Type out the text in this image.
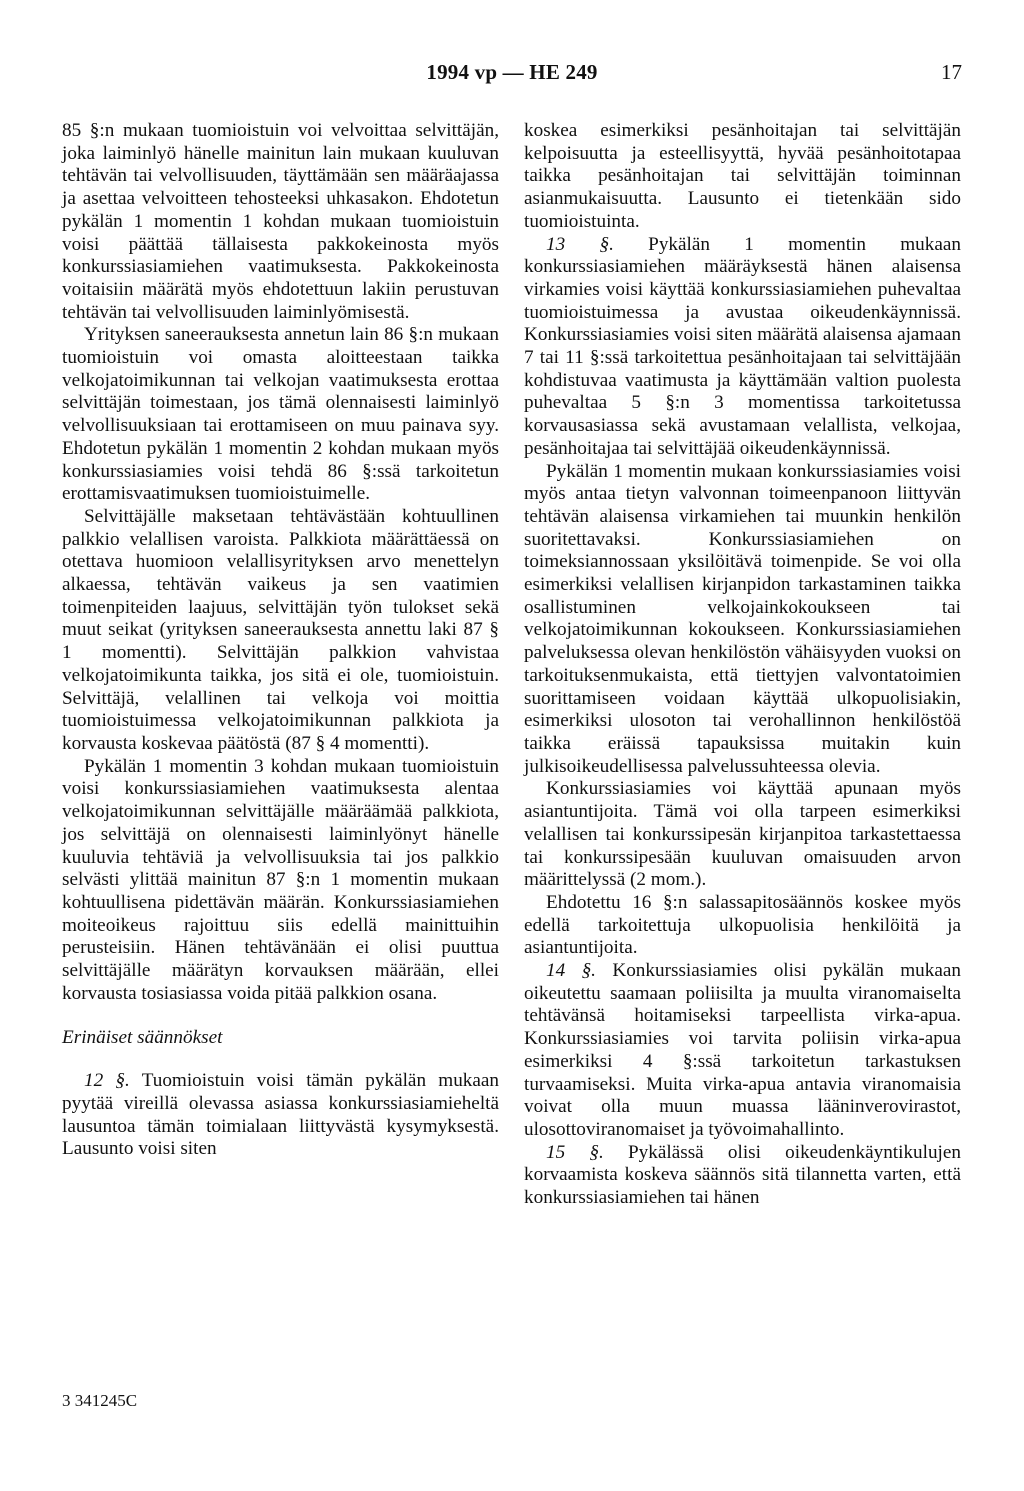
1994 vp — HE 249	17

85 §:n mukaan tuomioistuin voi velvoittaa selvittäjän, joka laiminlyö hänelle mainitun lain mukaan kuuluvan tehtävän tai velvollisuuden, täyttämään sen määräajassa ja asettaa velvoitteen tehosteeksi uhkasakon. Ehdotetun pykälän 1 momentin 1 kohdan mukaan tuomioistuin voisi päättää tällaisesta pakkokeinosta myös konkurssiasiamiehen vaatimuksesta. Pakkokeinosta voitaisiin määrätä myös ehdotettuun lakiin perustuvan tehtävän tai velvollisuuden laiminlyömisestä.

Yrityksen saneerauksesta annetun lain 86 §:n mukaan tuomioistuin voi omasta aloitteestaan taikka velkojatoimikunnan tai velkojan vaatimuksesta erottaa selvittäjän toimestaan, jos tämä olennaisesti laiminlyö velvollisuuksiaan tai erottamiseen on muu painava syy. Ehdotetun pykälän 1 momentin 2 kohdan mukaan myös konkurssiasiamies voisi tehdä 86 §:ssä tarkoitetun erottamisvaatimuksen tuomioistuimelle.

Selvittäjälle maksetaan tehtävästään kohtuullinen palkkio velallisen varoista. Palkkiota määrättäessä on otettava huomioon velallisyrityksen arvo menettelyn alkaessa, tehtävän vaikeus ja sen vaatimien toimenpiteiden laajuus, selvittäjän työn tulokset sekä muut seikat (yrityksen saneerauksesta annettu laki 87 § 1 momentti). Selvittäjän palkkion vahvistaa velkojatoimikunta taikka, jos sitä ei ole, tuomioistuin. Selvittäjä, velallinen tai velkoja voi moittia tuomioistuimessa velkojatoimikunnan palkkiota ja korvausta koskevaa päätöstä (87 § 4 momentti).

Pykälän 1 momentin 3 kohdan mukaan tuomioistuin voisi konkurssiasiamiehen vaatimuksesta alentaa velkojatoimikunnan selvittäjälle määräämää palkkiota, jos selvittäjä on olennaisesti laiminlyönyt hänelle kuuluvia tehtäviä ja velvollisuuksia tai jos palkkio selvästi ylittää mainitun 87 §:n 1 momentin mukaan kohtuullisena pidettävän määrän. Konkurssiasiamiehen moiteoikeus rajoittuu siis edellä mainittuihin perusteisiin. Hänen tehtävänään ei olisi puuttua selvittäjälle määrätyn korvauksen määrään, ellei korvausta tosiasiassa voida pitää palkkion osana.

Erinäiset säännökset

12 §. Tuomioistuin voisi tämän pykälän mukaan pyytää vireillä olevassa asiassa konkurssiasiamieheltä lausuntoa tämän toimialaan liittyvästä kysymyksestä. Lausunto voisi siten

koskea esimerkiksi pesänhoitajan tai selvittäjän kelpoisuutta ja esteellisyyttä, hyvää pesänhoitotapaa taikka pesänhoitajan tai selvittäjän toiminnan asianmukaisuutta. Lausunto ei tietenkään sido tuomioistuinta.

13 §. Pykälän 1 momentin mukaan konkurssiasiamiehen määräyksestä hänen alaisensa virkamies voisi käyttää konkurssiasiamiehen puhevaltaa tuomioistuimessa ja avustaa oikeudenkäynnissä. Konkurssiasiamies voisi siten määrätä alaisensa ajamaan 7 tai 11 §:ssä tarkoitettua pesänhoitajaan tai selvittäjään kohdistuvaa vaatimusta ja käyttämään valtion puolesta puhevaltaa 5 §:n 3 momentissa tarkoitetussa korvausasiassa sekä avustamaan velallista, velkojaa, pesänhoitajaa tai selvittäjää oikeudenkäynnissä.

Pykälän 1 momentin mukaan konkurssiasiamies voisi myös antaa tietyn valvonnan toimeenpanoon liittyvän tehtävän alaisensa virkamiehen tai muunkin henkilön suoritettavaksi. Konkurssiasiamiehen on toimeksiannossaan yksilöitävä toimenpide. Se voi olla esimerkiksi velallisen kirjanpidon tarkastaminen taikka osallistuminen velkojainkokoukseen tai velkojatoimikunnan kokoukseen. Konkurssiasiamiehen palveluksessa olevan henkilöstön vähäisyyden vuoksi on tarkoituksenmukaista, että tiettyjen valvontatoimien suorittamiseen voidaan käyttää ulkopuolisiakin, esimerkiksi ulosoton tai verohallinnon henkilöstöä taikka eräissä tapauksissa muitakin kuin julkisoikeudellisessa palvelussuhteessa olevia.

Konkurssiasiamies voi käyttää apunaan myös asiantuntijoita. Tämä voi olla tarpeen esimerkiksi velallisen tai konkurssipesän kirjanpitoa tarkastettaessa tai konkurssipesään kuuluvan omaisuuden arvon määrittelyssä (2 mom.).

Ehdotettu 16 §:n salassapitosäännös koskee myös edellä tarkoitettuja ulkopuolisia henkilöitä ja asiantuntijoita.

14 §. Konkurssiasiamies olisi pykälän mukaan oikeutettu saamaan poliisilta ja muulta viranomaiselta tehtävänsä hoitamiseksi tarpeellista virka-apua. Konkurssiasiamies voi tarvita poliisin virka-apua esimerkiksi 4 §:ssä tarkoitetun tarkastuksen turvaamiseksi. Muita virka-apua antavia viranomaisia voivat olla muun muassa lääninverovirastot, ulosottoviranomaiset ja työvoimahallinto.

15 §. Pykälässä olisi oikeudenkäyntikulujen korvaamista koskeva säännös sitä tilannetta varten, että konkurssiasiamiehen tai hänen

3 341245C
